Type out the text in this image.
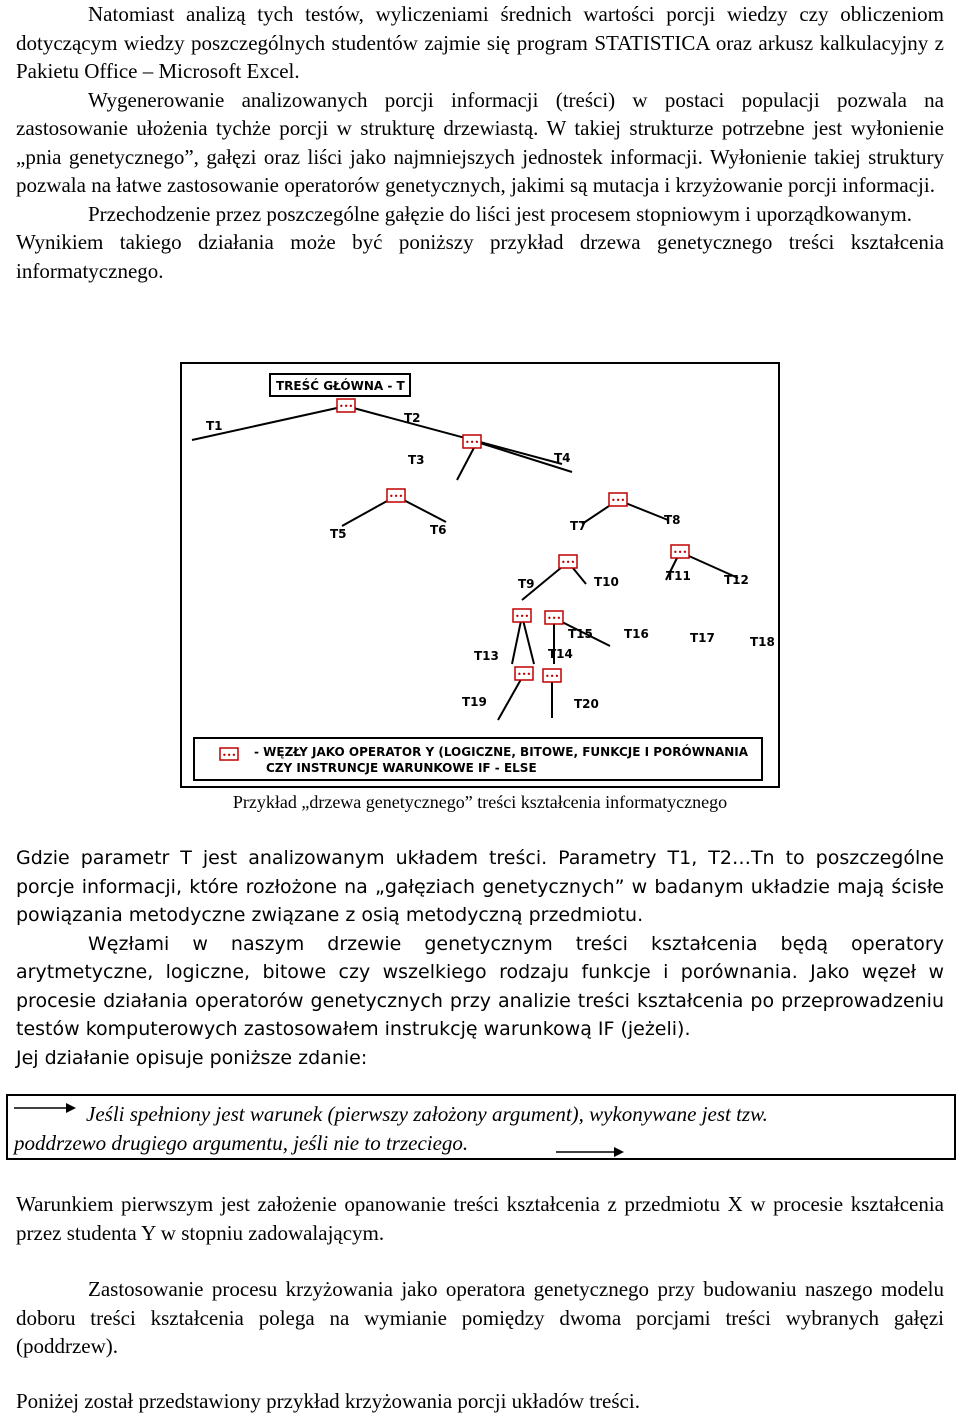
Natomiast analizą tych testów, wyliczeniami średnich wartości porcji wiedzy czy obliczeniom dotyczącym wiedzy poszczególnych studentów zajmie się program STATISTICA oraz arkusz kalkulacyjny z Pakietu Office – Microsoft Excel.

Wygenerowanie analizowanych porcji informacji (treści) w postaci populacji pozwala na zastosowanie ułożenia tychże porcji w strukturę drzewiastą. W takiej strukturze potrzebne jest wyłonienie „pnia genetycznego”, gałęzi oraz liści jako najmniejszych jednostek informacji. Wyłonienie takiej struktury pozwala na łatwe zastosowanie operatorów genetycznych, jakimi są mutacja i krzyżowanie porcji informacji.

Przechodzenie przez poszczególne gałęzie do liści jest procesem stopniowym i uporządkowanym.

Wynikiem takiego działania może być poniższy przykład drzewa genetycznego treści kształcenia informatycznego.

•••
•••
•••	•••
•••
•••
••• •••
••• •••
T1
T2
T3	T4
T5	T6	T7	T8
T9	T10	T11	T12
T13	T14
T15	T16	T17	T18
T19	T20
TREŚĆ GŁÓWNA - T
••• - WĘZŁY JAKO OPERATOR Y (LOGICZNE, BITOWE, FUNKCJE I PORÓWNANIA
CZY INSTRUNCJE WARUNKOWE IF - ELSE
Przykład „drzewa genetycznego” treści kształcenia informatycznego

Gdzie parametr T jest analizowanym układem treści. Parametry T1, T2…Tn to poszczególne porcje informacji, które rozłożone na „gałęziach genetycznych” w badanym układzie mają ścisłe powiązania metodyczne związane z osią metodyczną przedmiotu.

Węzłami w naszym drzewie genetycznym treści kształcenia będą operatory arytmetyczne, logiczne, bitowe czy wszelkiego rodzaju funkcje i porównania. Jako węzeł w procesie działania operatorów genetycznych przy analizie treści kształcenia po przeprowadzeniu testów komputerowych zastosowałem instrukcję warunkową IF (jeżeli).

Jej działanie opisuje poniższe zdanie:

Jeśli spełniony jest warunek (pierwszy założony argument), wykonywane jest tzw.
poddrzewo drugiego argumentu, jeśli nie to trzeciego.

Warunkiem pierwszym jest założenie opanowanie treści kształcenia z przedmiotu X w procesie kształcenia przez studenta Y w stopniu zadowalającym.

Zastosowanie procesu krzyżowania jako operatora genetycznego przy budowaniu naszego modelu doboru treści kształcenia polega na wymianie pomiędzy dwoma porcjami treści wybranych gałęzi (poddrzew).

Poniżej został przedstawiony przykład krzyżowania porcji układów treści.
